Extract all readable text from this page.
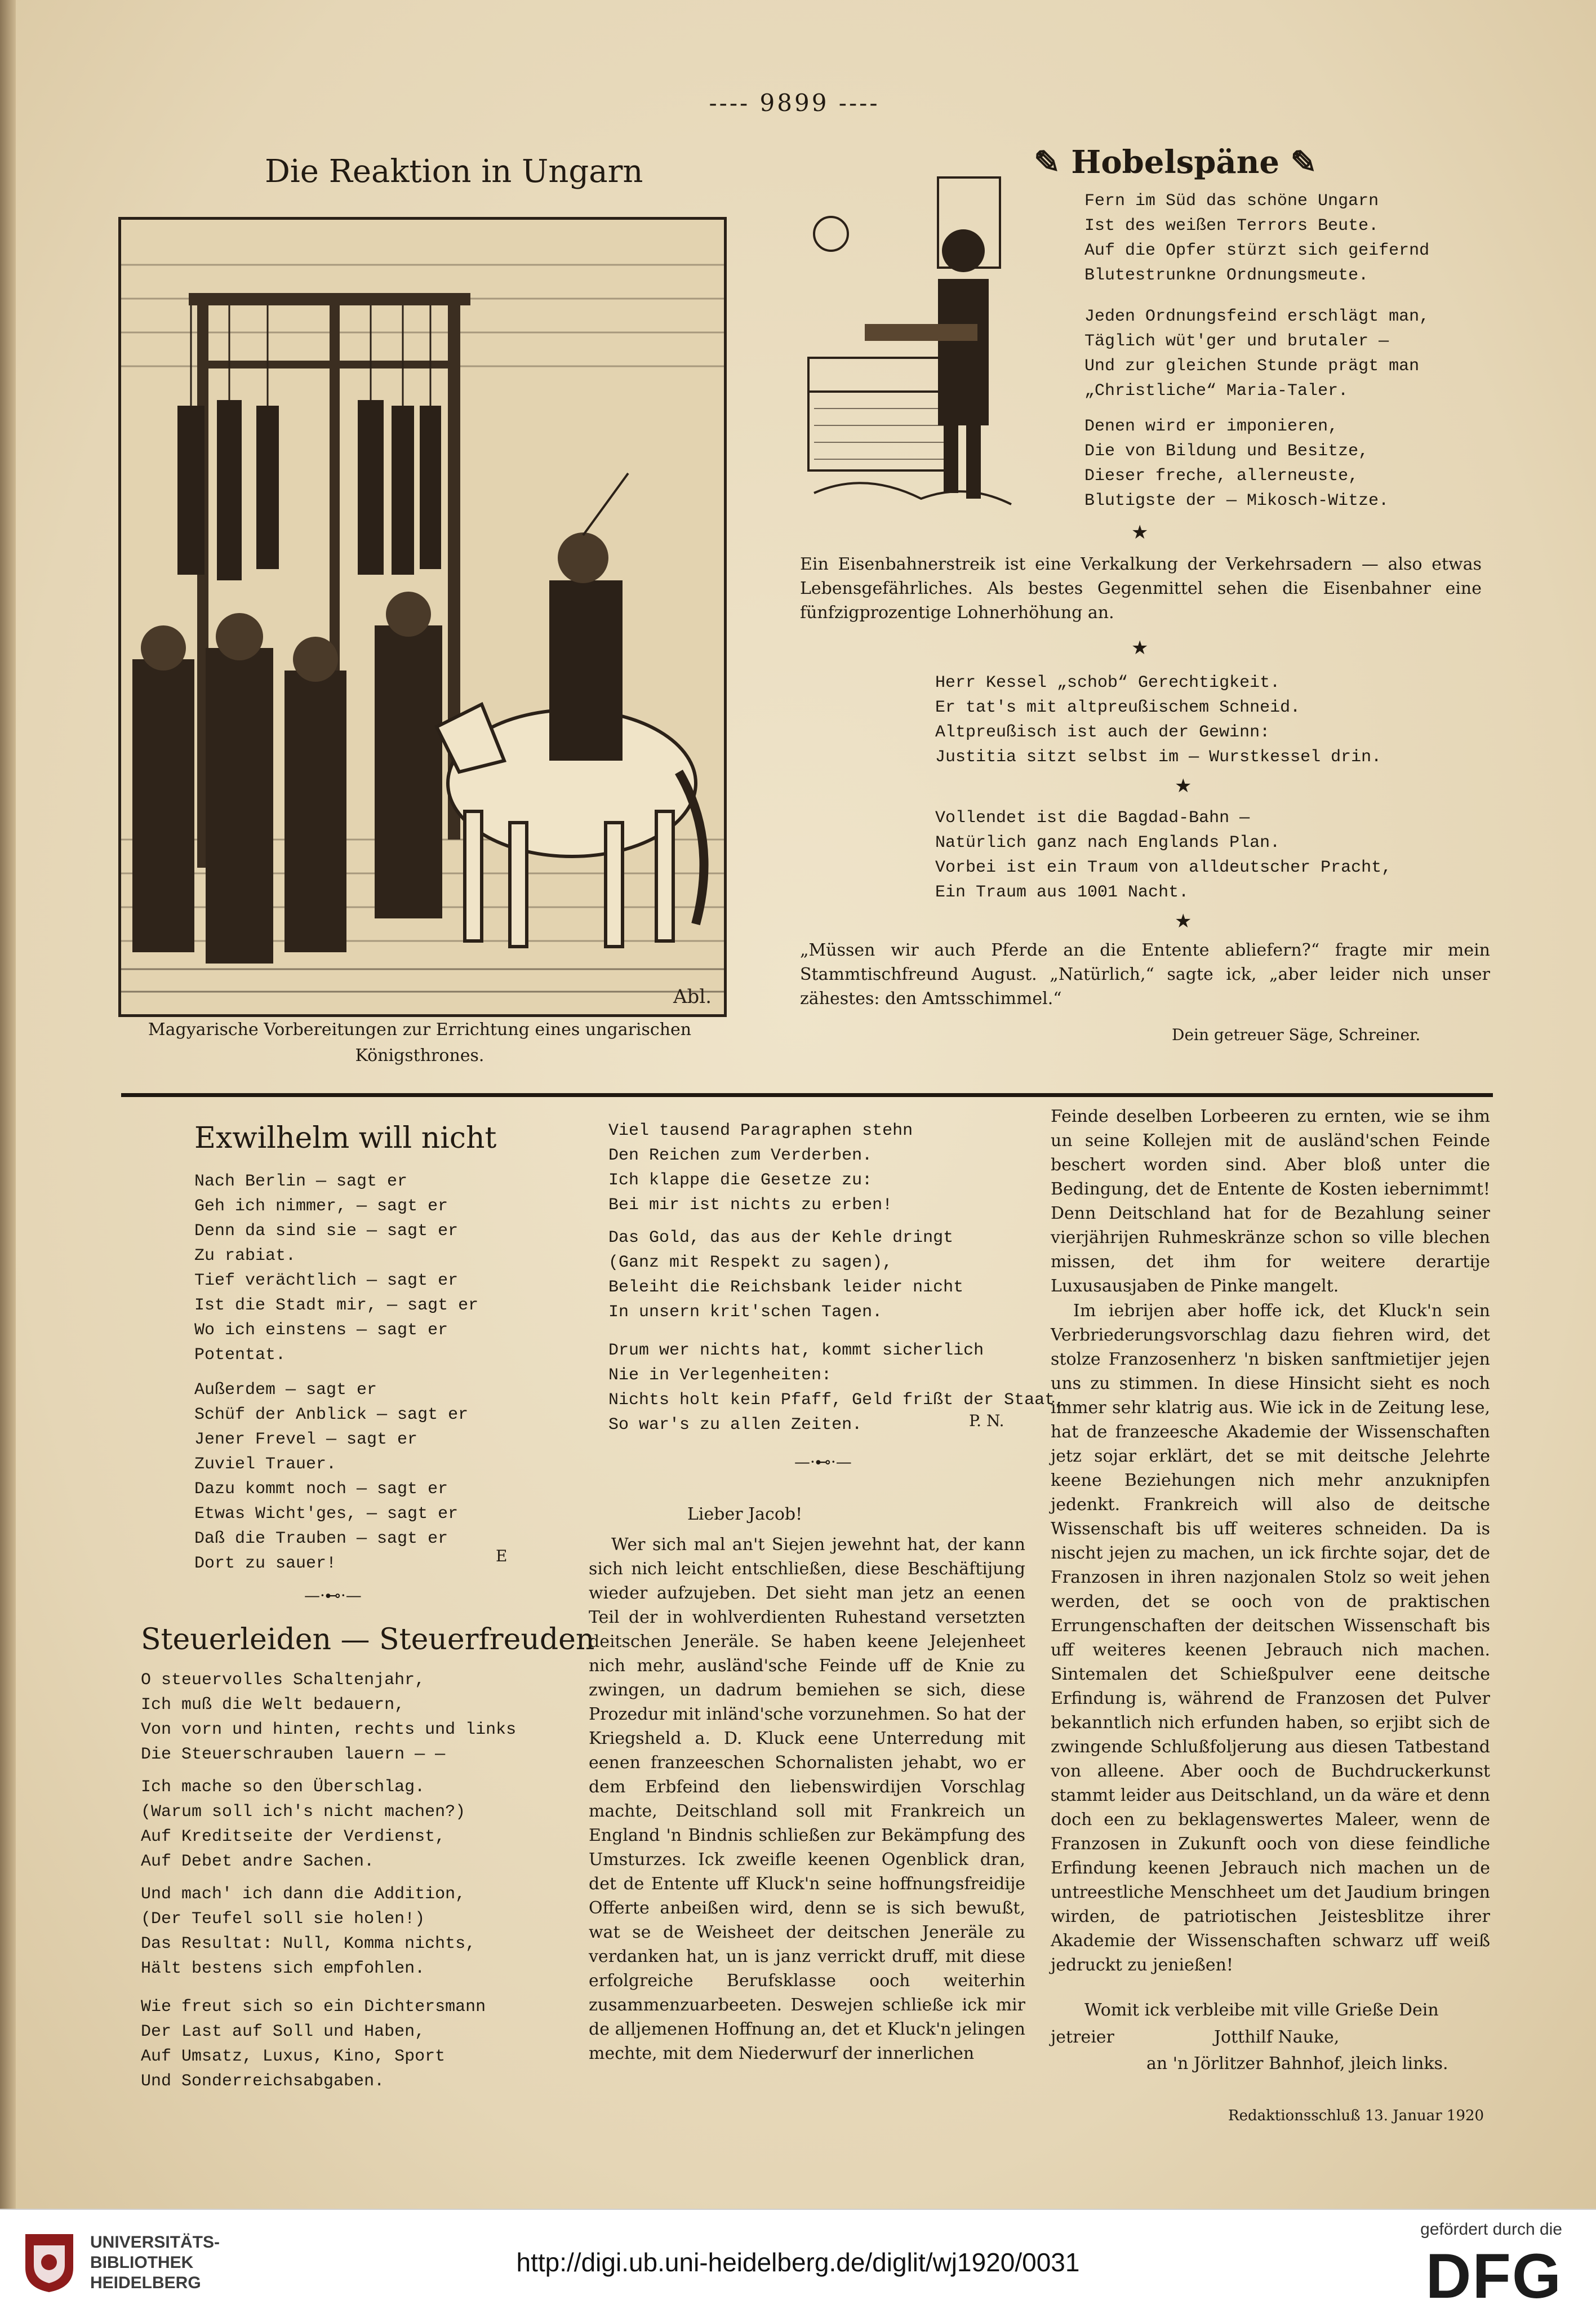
---- 9899 ----
Die Reaktion in Ungarn
Abl.
Magyarische Vorbereitungen zur Errichtung eines ungarischen
Königsthrones.
✎ Hobelspäne ✎
Fern im Süd das schöne Ungarn
Ist des weißen Terrors Beute.
Auf die Opfer stürzt sich geifernd
Blutestrunkne Ordnungsmeute.
Jeden Ordnungsfeind erschlägt man,
Täglich wüt'ger und brutaler —
Und zur gleichen Stunde prägt man
„Christliche“ Maria-Taler.
Denen wird er imponieren,
Die von Bildung und Besitze,
Dieser freche, allerneuste,
Blutigste der — Mikosch-Witze.
★

Ein Eisenbahnerstreik ist eine Verkalkung der Verkehrsadern — also etwas Lebensgefährliches. Als bestes Gegenmittel sehen die Eisenbahner eine fünfzigprozentige Lohnerhöhung an.

★
Herr Kessel „schob“ Gerechtigkeit.
Er tat's mit altpreußischem Schneid.
Altpreußisch ist auch der Gewinn:
Justitia sitzt selbst im — Wurstkessel drin.
★
Vollendet ist die Bagdad-Bahn —
Natürlich ganz nach Englands Plan.
Vorbei ist ein Traum von alldeutscher Pracht,
Ein Traum aus 1001 Nacht.
★

„Müssen wir auch Pferde an die Entente abliefern?“ fragte mir mein Stammtischfreund August. „Natürlich,“ sagte ick, „aber leider nich unser zähestes: den Amtsschimmel.“

Dein getreuer Säge, Schreiner.
Exwilhelm will nicht
Nach Berlin — sagt er
Geh ich nimmer, — sagt er
Denn da sind sie — sagt er
Zu rabiat.
Tief verächtlich — sagt er
Ist die Stadt mir, — sagt er
Wo ich einstens — sagt er
Potentat.
Außerdem — sagt er
Schüf der Anblick — sagt er
Jener Frevel — sagt er
Zuviel Trauer.
Dazu kommt noch — sagt er
Etwas Wicht'ges, — sagt er
Daß die Trauben — sagt er
Dort zu sauer!	E
—·⊷·—
Steuerleiden — Steuerfreuden
O steuervolles Schaltenjahr,
Ich muß die Welt bedauern,
Von vorn und hinten, rechts und links
Die Steuerschrauben lauern — —
Ich mache so den Überschlag.
(Warum soll ich's nicht machen?)
Auf Kreditseite der Verdienst,
Auf Debet andre Sachen.
Und mach' ich dann die Addition,
(Der Teufel soll sie holen!)
Das Resultat: Null, Komma nichts,
Hält bestens sich empfohlen.
Wie freut sich so ein Dichtersmann
Der Last auf Soll und Haben,
Auf Umsatz, Luxus, Kino, Sport
Und Sonderreichsabgaben.
Viel tausend Paragraphen stehn
Den Reichen zum Verderben.
Ich klappe die Gesetze zu:
Bei mir ist nichts zu erben!
Das Gold, das aus der Kehle dringt
(Ganz mit Respekt zu sagen),
Beleiht die Reichsbank leider nicht
In unsern krit'schen Tagen.
Drum wer nichts hat, kommt sicherlich
Nie in Verlegenheiten:
Nichts holt kein Pfaff, Geld frißt der Staat,
So war's zu allen Zeiten.	P. N.
—·⊷·—
Lieber Jacob!

Wer sich mal an't Siejen jewehnt hat, der kann sich nich leicht entschließen, diese Beschäftijung wieder aufzujeben. Det sieht man jetz an eenen Teil der in wohlverdienten Ruhestand versetzten deitschen Jeneräle. Se haben keene Jelejenheet nich mehr, ausländ'sche Feinde uff de Knie zu zwingen, un dadrum bemiehen se sich, diese Prozedur mit inländ'sche vorzunehmen. So hat der Kriegsheld a. D. Kluck eene Unterredung mit eenen franzeeschen Schornalisten jehabt, wo er dem Erbfeind den liebenswirdijen Vorschlag machte, Deitschland soll mit Frankreich un England 'n Bindnis schließen zur Bekämpfung des Umsturzes. Ick zweifle keenen Ogenblick dran, det de Entente uff Kluck'n seine hoffnungsfreidije Offerte anbeißen wird, denn se is sich bewußt, wat se de Weisheet der deitschen Jeneräle zu verdanken hat, un is janz verrickt druff, mit diese erfolgreiche Berufsklasse ooch weiterhin zusammenzuarbeeten. Deswejen schließe ick mir de alljemenen Hoffnung an, det et Kluck'n jelingen mechte, mit dem Niederwurf der innerlichen

Feinde deselben Lorbeeren zu ernten, wie se ihm un seine Kollejen mit de ausländ'schen Feinde beschert worden sind. Aber bloß unter die Bedingung, det de Entente de Kosten iebernimmt! Denn Deitschland hat for de Bezahlung seiner vierjährijen Ruhmeskränze schon so ville blechen missen, det ihm for weitere derartije Luxusausjaben de Pinke mangelt.

Im iebrijen aber hoffe ick, det Kluck'n sein Verbriederungsvorschlag dazu fiehren wird, det stolze Franzosenherz 'n bisken sanftmietijer jejen uns zu stimmen. In diese Hinsicht sieht es noch immer sehr klatrig aus. Wie ick in de Zeitung lese, hat de franzeesche Akademie der Wissenschaften jetz sojar erklärt, det se mit deitsche Jelehrte keene Beziehungen nich mehr anzuknipfen jedenkt. Frankreich will also de deitsche Wissenschaft bis uff weiteres schneiden. Da is nischt jejen zu machen, un ick firchte sojar, det de Franzosen in ihren nazjonalen Stolz so weit jehen werden, det se ooch von de praktischen Errungenschaften der deitschen Wissenschaft bis uff weiteres keenen Jebrauch nich machen. Sintemalen det Schießpulver eene deitsche Erfindung is, während de Franzosen det Pulver bekanntlich nich erfunden haben, so erjibt sich de zwingende Schlußfoljerung aus diesen Tatbestand von alleene. Aber ooch de Buchdruckerkunst stammt leider aus Deitschland, un da wäre et denn doch een zu beklagenswertes Maleer, wenn de Franzosen in Zukunft ooch von diese feindliche Erfindung keenen Jebrauch nich machen un de untreestliche Menschheet um det Jaudium bringen wirden, de patriotischen Jeistesblitze ihrer Akademie der Wissenschaften schwarz uff weiß jedruckt zu jenießen!

Womit ick verbleibe mit ville Grieße Dein
jetreier	Jotthilf Nauke,
an 'n Jörlitzer Bahnhof, jleich links.
Redaktionsschluß 13. Januar 1920
UNIVERSITÄTS-
BIBLIOTHEK
HEIDELBERG
http://digi.ub.uni-heidelberg.de/diglit/wj1920/0031
gefördert durch die
DFG
